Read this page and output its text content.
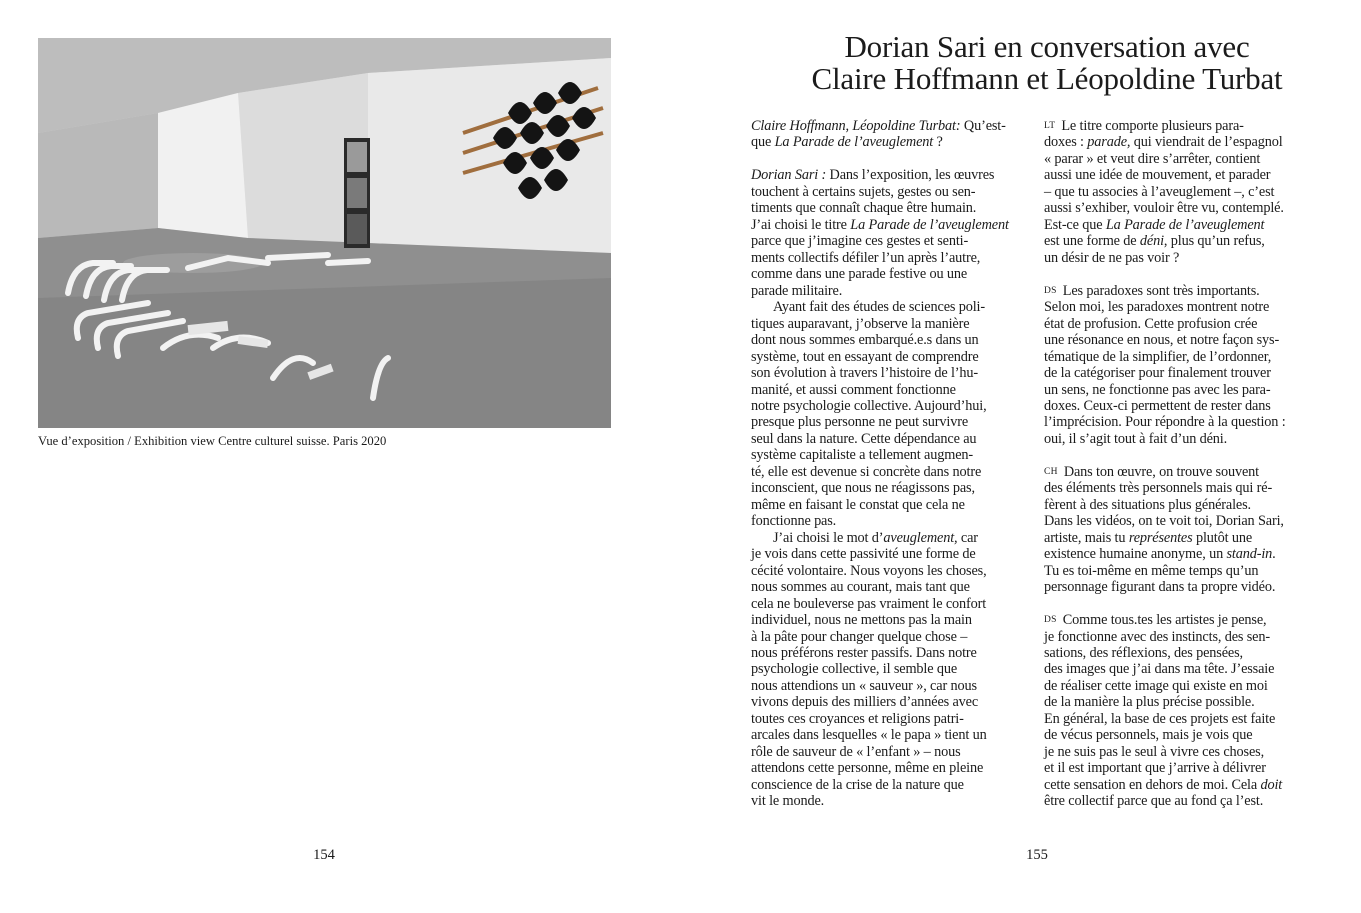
Vue d’exposition / Exhibition view Centre culturel suisse. Paris 2020
154
Dorian Sari en conversation avec
Claire Hoffmann et Léopoldine Turbat

Claire Hoffmann, Léopoldine Turbat: Qu’est-
que La Parade de l’aveuglement ?

Dorian Sari : Dans l’exposition, les œuvres
touchent à certains sujets, gestes ou sen-
timents que connaît chaque être humain.
J’ai choisi le titre La Parade de l’aveuglement
parce que j’imagine ces gestes et senti-
ments collectifs défiler l’un après l’autre,
comme dans une parade festive ou une
parade militaire.

Ayant fait des études de sciences poli-
tiques auparavant, j’observe la manière
dont nous sommes embarqué.e.s dans un
système, tout en essayant de comprendre
son évolution à travers l’histoire de l’hu-
manité, et aussi comment fonctionne
notre psychologie collective. Aujourd’hui,
presque plus personne ne peut survivre
seul dans la nature. Cette dépendance au
système capitaliste a tellement augmen-
té, elle est devenue si concrète dans notre
inconscient, que nous ne réagissons pas,
même en faisant le constat que cela ne
fonctionne pas.

J’ai choisi le mot d’aveuglement, car
je vois dans cette passivité une forme de
cécité volontaire. Nous voyons les choses,
nous sommes au courant, mais tant que
cela ne bouleverse pas vraiment le confort
individuel, nous ne mettons pas la main
à la pâte pour changer quelque chose –
nous préférons rester passifs. Dans notre
psychologie collective, il semble que
nous attendions un « sauveur », car nous
vivons depuis des milliers d’années avec
toutes ces croyances et religions patri-
arcales dans lesquelles « le papa » tient un
rôle de sauveur de « l’enfant » – nous
attendons cette personne, même en pleine
conscience de la crise de la nature que
vit le monde.

LT Le titre comporte plusieurs para-
doxes : parade, qui viendrait de l’espagnol
« parar » et veut dire s’arrêter, contient
aussi une idée de mouvement, et parader
– que tu associes à l’aveuglement –, c’est
aussi s’exhiber, vouloir être vu, contemplé.
Est-ce que La Parade de l’aveuglement
est une forme de déni, plus qu’un refus,
un désir de ne pas voir ?

DS Les paradoxes sont très importants.
Selon moi, les paradoxes montrent notre
état de profusion. Cette profusion crée
une résonance en nous, et notre façon sys-
tématique de la simplifier, de l’ordonner,
de la catégoriser pour finalement trouver
un sens, ne fonctionne pas avec les para-
doxes. Ceux-ci permettent de rester dans
l’imprécision. Pour répondre à la question :
oui, il s’agit tout à fait d’un déni.

CH Dans ton œuvre, on trouve souvent
des éléments très personnels mais qui ré-
fèrent à des situations plus générales.
Dans les vidéos, on te voit toi, Dorian Sari,
artiste, mais tu représentes plutôt une
existence humaine anonyme, un stand-in.
Tu es toi-même en même temps qu’un
personnage figurant dans ta propre vidéo.

DS Comme tous.tes les artistes je pense,
je fonctionne avec des instincts, des sen-
sations, des réflexions, des pensées,
des images que j’ai dans ma tête. J’essaie
de réaliser cette image qui existe en moi
de la manière la plus précise possible.
En général, la base de ces projets est faite
de vécus personnels, mais je vois que
je ne suis pas le seul à vivre ces choses,
et il est important que j’arrive à délivrer
cette sensation en dehors de moi. Cela doit
être collectif parce que au fond ça l’est.

155
